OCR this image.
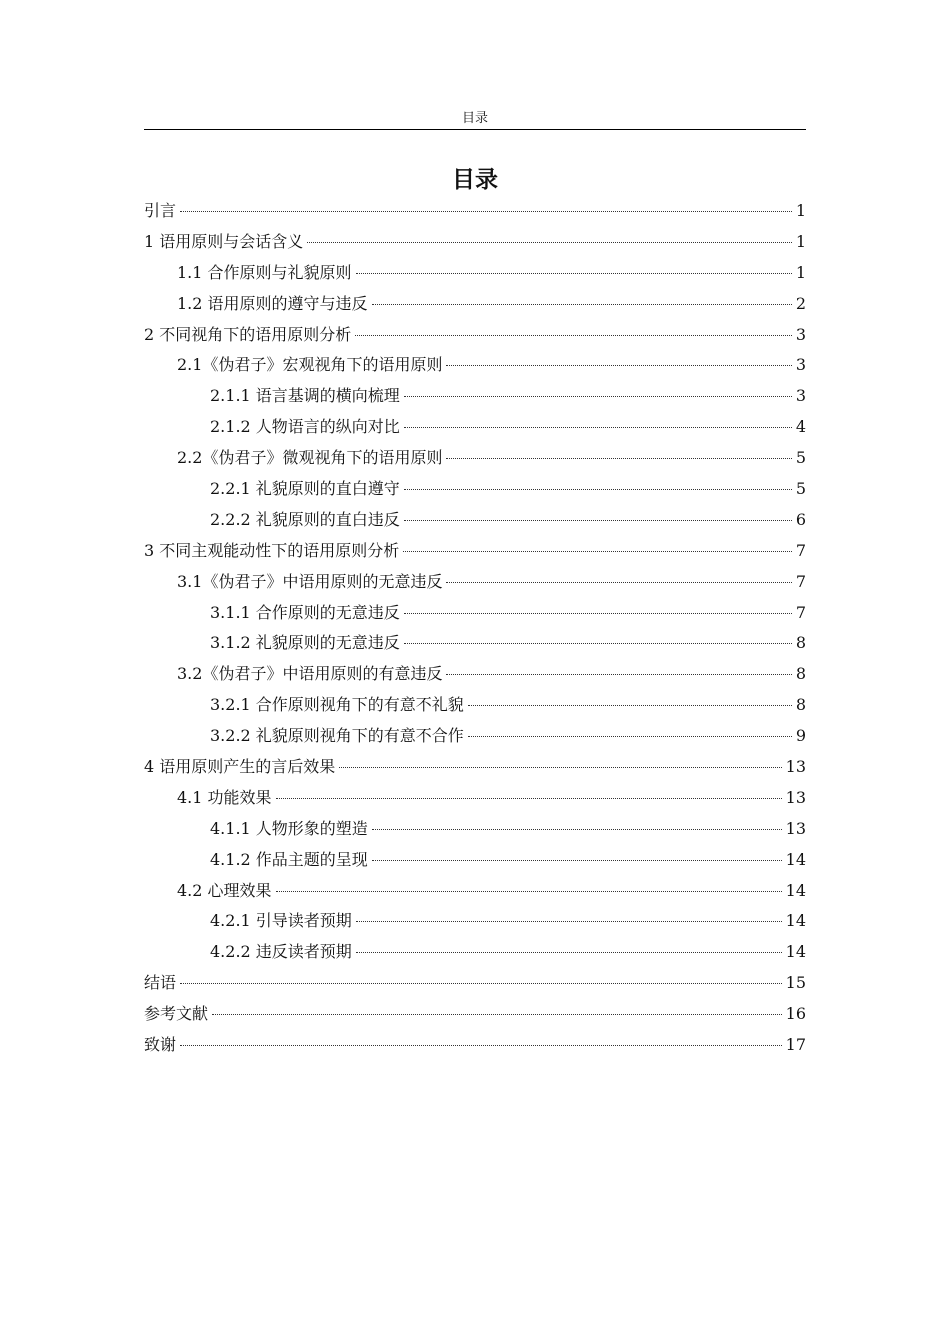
目录
目录
引言	1
1 语用原则与会话含义	1
1.1 合作原则与礼貌原则	1
1.2 语用原则的遵守与违反	2
2 不同视角下的语用原则分析	3
2.1《伪君子》宏观视角下的语用原则	3
2.1.1 语言基调的横向梳理	3
2.1.2 人物语言的纵向对比	4
2.2《伪君子》微观视角下的语用原则	5
2.2.1 礼貌原则的直白遵守	5
2.2.2 礼貌原则的直白违反	6
3 不同主观能动性下的语用原则分析	7
3.1《伪君子》中语用原则的无意违反	7
3.1.1 合作原则的无意违反	7
3.1.2 礼貌原则的无意违反	8
3.2《伪君子》中语用原则的有意违反	8
3.2.1 合作原则视角下的有意不礼貌	8
3.2.2 礼貌原则视角下的有意不合作	9
4 语用原则产生的言后效果	13
4.1 功能效果	13
4.1.1 人物形象的塑造	13
4.1.2 作品主题的呈现	14
4.2 心理效果	14
4.2.1 引导读者预期	14
4.2.2 违反读者预期	14
结语	15
参考文献	16
致谢	17
